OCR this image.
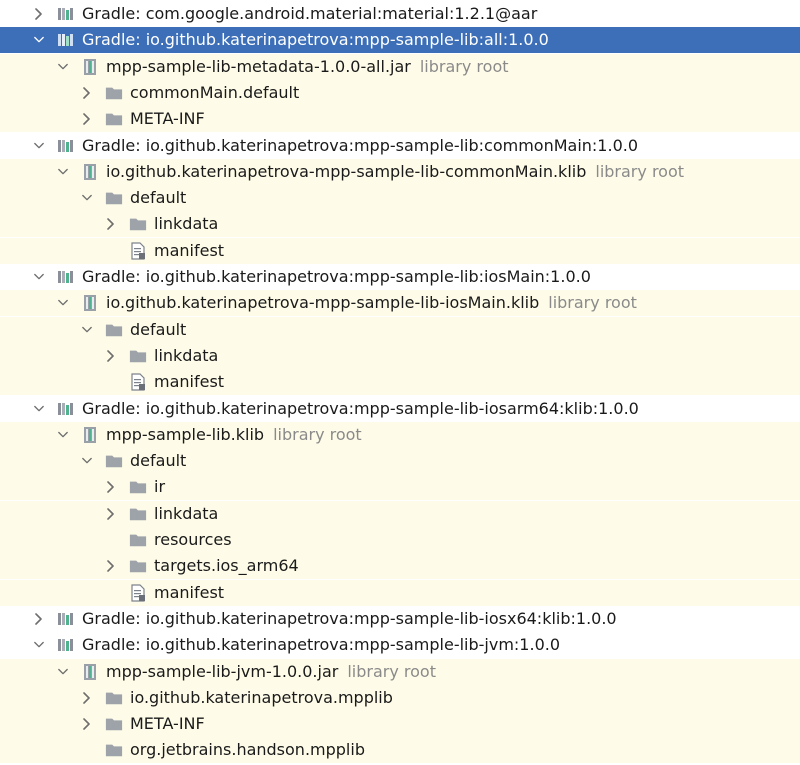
Gradle: com.google.android.material:material:1.2.1@aar
Gradle: io.github.katerinapetrova:mpp-sample-lib:all:1.0.0
mpp-sample-lib-metadata-1.0.0-all.jar library root
commonMain.default
META-INF
Gradle: io.github.katerinapetrova:mpp-sample-lib:commonMain:1.0.0
io.github.katerinapetrova-mpp-sample-lib-commonMain.klib library root
default
linkdata
manifest
Gradle: io.github.katerinapetrova:mpp-sample-lib:iosMain:1.0.0
io.github.katerinapetrova-mpp-sample-lib-iosMain.klib library root
default
linkdata
manifest
Gradle: io.github.katerinapetrova:mpp-sample-lib-iosarm64:klib:1.0.0
mpp-sample-lib.klib library root
default
ir
linkdata
resources
targets.ios_arm64
manifest
Gradle: io.github.katerinapetrova:mpp-sample-lib-iosx64:klib:1.0.0
Gradle: io.github.katerinapetrova:mpp-sample-lib-jvm:1.0.0
mpp-sample-lib-jvm-1.0.0.jar library root
io.github.katerinapetrova.mpplib
META-INF
org.jetbrains.handson.mpplib
